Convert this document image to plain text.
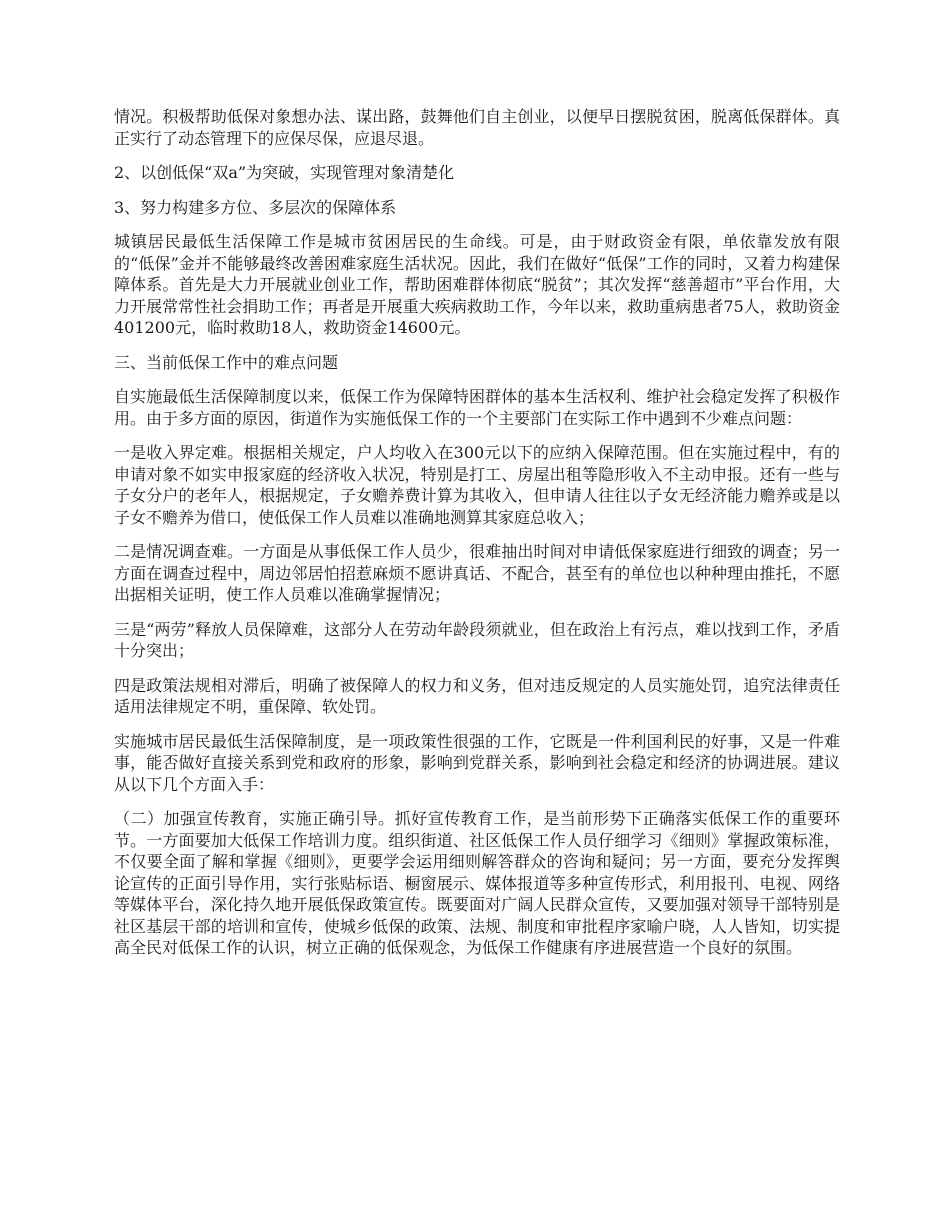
情况。积极帮助低保对象想办法、谋出路，鼓舞他们自主创业，以便早日摆脱贫困，脱离低保群体。真正实行了动态管理下的应保尽保，应退尽退。

2、以创低保“双a”为突破，实现管理对象清楚化

3、努力构建多方位、多层次的保障体系

城镇居民最低生活保障工作是城市贫困居民的生命线。可是，由于财政资金有限，单依靠发放有限的“低保”金并不能够最终改善困难家庭生活状况。因此，我们在做好“低保”工作的同时，又着力构建保障体系。首先是大力开展就业创业工作，帮助困难群体彻底“脱贫”；其次发挥“慈善超市”平台作用，大力开展常常性社会捐助工作；再者是开展重大疾病救助工作，今年以来，救助重病患者75人，救助资金401200元，临时救助18人，救助资金14600元。

三、当前低保工作中的难点问题

自实施最低生活保障制度以来，低保工作为保障特困群体的基本生活权利、维护社会稳定发挥了积极作用。由于多方面的原因，街道作为实施低保工作的一个主要部门在实际工作中遇到不少难点问题：

一是收入界定难。根据相关规定，户人均收入在300元以下的应纳入保障范围。但在实施过程中，有的申请对象不如实申报家庭的经济收入状况，特别是打工、房屋出租等隐形收入不主动申报。还有一些与子女分户的老年人，根据规定，子女赡养费计算为其收入，但申请人往往以子女无经济能力赡养或是以子女不赡养为借口，使低保工作人员难以准确地测算其家庭总收入；

二是情况调查难。一方面是从事低保工作人员少，很难抽出时间对申请低保家庭进行细致的调查；另一方面在调查过程中，周边邻居怕招惹麻烦不愿讲真话、不配合，甚至有的单位也以种种理由推托，不愿出据相关证明，使工作人员难以准确掌握情况；

三是“两劳”释放人员保障难，这部分人在劳动年龄段须就业，但在政治上有污点，难以找到工作，矛盾十分突出；

四是政策法规相对滞后，明确了被保障人的权力和义务，但对违反规定的人员实施处罚，追究法律责任适用法律规定不明，重保障、软处罚。

实施城市居民最低生活保障制度，是一项政策性很强的工作，它既是一件利国利民的好事，又是一件难事，能否做好直接关系到党和政府的形象，影响到党群关系，影响到社会稳定和经济的协调进展。建议从以下几个方面入手：

（二）加强宣传教育，实施正确引导。抓好宣传教育工作，是当前形势下正确落实低保工作的重要环节。一方面要加大低保工作培训力度。组织街道、社区低保工作人员仔细学习《细则》掌握政策标准，不仅要全面了解和掌握《细则》，更要学会运用细则解答群众的咨询和疑问；另一方面，要充分发挥舆论宣传的正面引导作用，实行张贴标语、橱窗展示、媒体报道等多种宣传形式，利用报刊、电视、网络等媒体平台，深化持久地开展低保政策宣传。既要面对广阔人民群众宣传，又要加强对领导干部特别是社区基层干部的培训和宣传，使城乡低保的政策、法规、制度和审批程序家喻户晓，人人皆知，切实提高全民对低保工作的认识，树立正确的低保观念，为低保工作健康有序进展营造一个良好的氛围。
